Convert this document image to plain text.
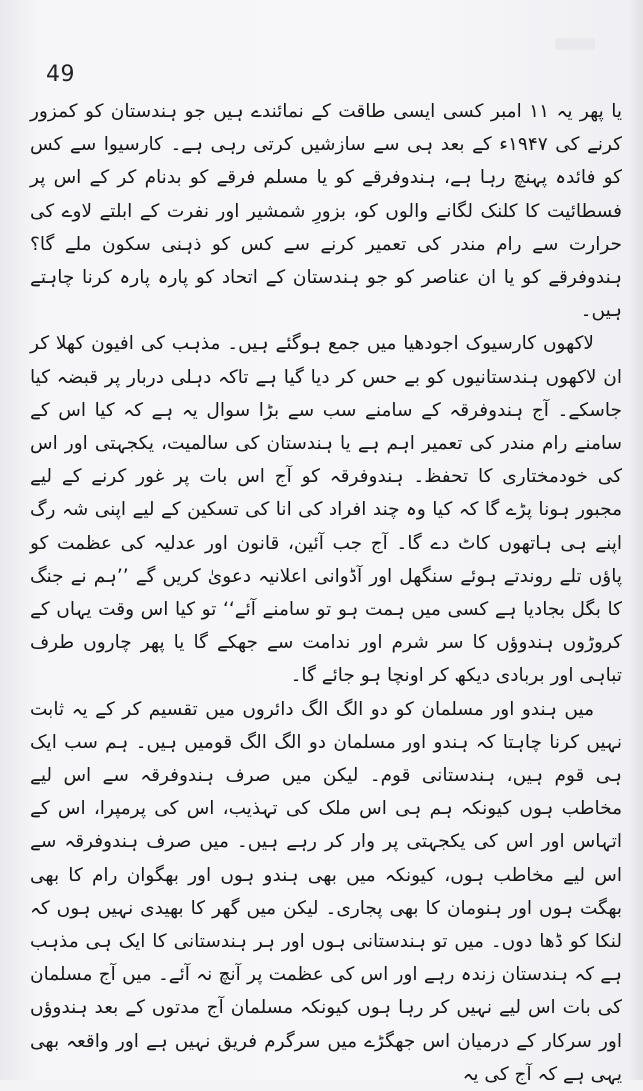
49

یا پھر یہ ۱۱ امبر کسی ایسی طاقت کے نمائندے ہیں جو ہندستان کو کمزور کرنے کی ۱۹۴۷ء کے بعد ہی سے سازشیں کرتی رہی ہے۔ کارسیوا سے کس کو فائدہ پہنچ رہا ہے، ہندوفرقے کو یا مسلم فرقے کو بدنام کر کے اس پر فسطائیت کا کلنک لگانے والوں کو، بزورِ شمشیر اور نفرت کے ابلتے لاوے کی حرارت سے رام مندر کی تعمیر کرنے سے کس کو ذہنی سکون ملے گا؟ ہندوفرقے کو یا ان عناصر کو جو ہندستان کے اتحاد کو پارہ پارہ کرنا چاہتے ہیں۔

لاکھوں کارسیوک اجودھیا میں جمع ہوگئے ہیں۔ مذہب کی افیون کھلا کر ان لاکھوں ہندستانیوں کو بے حس کر دیا گیا ہے تاکہ دہلی دربار پر قبضہ کیا جاسکے۔ آج ہندوفرقہ کے سامنے سب سے بڑا سوال یہ ہے کہ کیا اس کے سامنے رام مندر کی تعمیر اہم ہے یا ہندستان کی سالمیت، یکجہتی اور اس کی خودمختاری کا تحفظ۔ ہندوفرقہ کو آج اس بات پر غور کرنے کے لیے مجبور ہونا پڑے گا کہ کیا وہ چند افراد کی انا کی تسکین کے لیے اپنی شہ رگ اپنے ہی ہاتھوں کاٹ دے گا۔ آج جب آئین، قانون اور عدلیہ کی عظمت کو پاؤں تلے روندتے ہوئے سنگھل اور آڈوانی اعلانیہ دعویٰ کریں گے ’’ہم نے جنگ کا بگل بجادیا ہے کسی میں ہمت ہو تو سامنے آئے‘‘ تو کیا اس وقت یہاں کے کروڑوں ہندوؤں کا سر شرم اور ندامت سے جھکے گا یا پھر چاروں طرف تباہی اور بربادی دیکھ کر اونچا ہو جائے گا۔

میں ہندو اور مسلمان کو دو الگ الگ دائروں میں تقسیم کر کے یہ ثابت نہیں کرنا چاہتا کہ ہندو اور مسلمان دو الگ الگ قومیں ہیں۔ ہم سب ایک ہی قوم ہیں، ہندستانی قوم۔ لیکن میں صرف ہندوفرقہ سے اس لیے مخاطب ہوں کیونکہ ہم ہی اس ملک کی تہذیب، اس کی پرمپرا، اس کے اتہاس اور اس کی یکجہتی پر وار کر رہے ہیں۔ میں صرف ہندوفرقہ سے اس لیے مخاطب ہوں، کیونکہ میں بھی ہندو ہوں اور بھگوان رام کا بھی بھگت ہوں اور ہنومان کا بھی پجاری۔ لیکن میں گھر کا بھیدی نہیں ہوں کہ لنکا کو ڈھا دوں۔ میں تو ہندستانی ہوں اور ہر ہندستانی کا ایک ہی مذہب ہے کہ ہندستان زندہ رہے اور اس کی عظمت پر آنچ نہ آئے۔ میں آج مسلمان کی بات اس لیے نہیں کر رہا ہوں کیونکہ مسلمان آج مدتوں کے بعد ہندوؤں اور سرکار کے درمیان اس جھگڑے میں سرگرم فریق نہیں ہے اور واقعہ بھی یہی ہے کہ آج کی یہ
